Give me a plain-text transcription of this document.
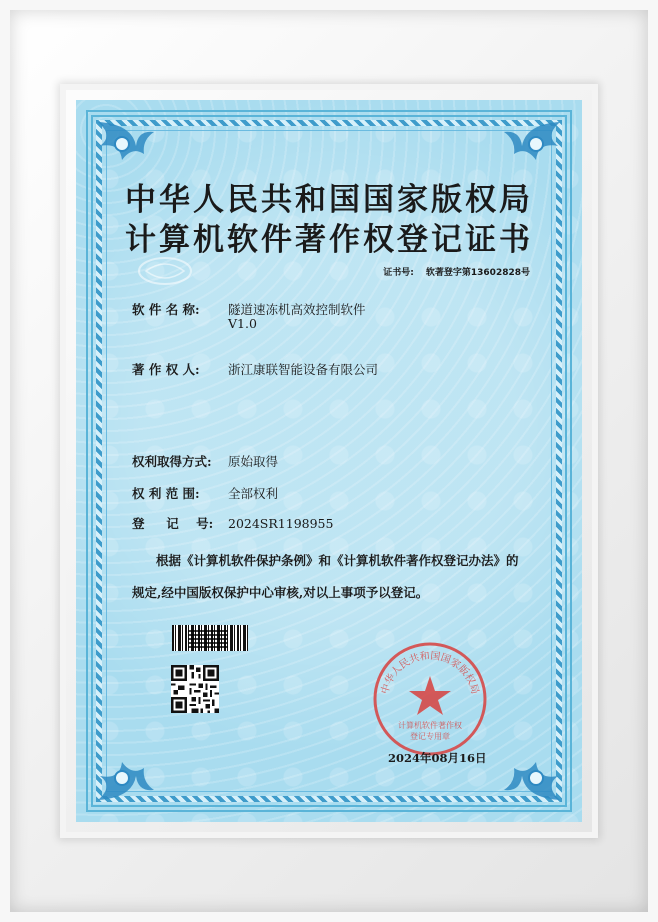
中华人民共和国国家版权局
计算机软件著作权登记证书
证书号: 软著登字第13602828号
软 件 名 称: 隧道速冻机高效控制软件
V1.0
著 作 权 人: 浙江康联智能设备有限公司
权利取得方式: 原始取得
权 利 范 围: 全部权利
登     记    号: 2024SR1198955
根据《计算机软件保护条例》和《计算机软件著作权登记办法》的
规定,经中国版权保护中心审核,对以上事项予以登记。
中华人民共和国国家版权局
计算机软件著作权
登记专用章
2024年08月16日
